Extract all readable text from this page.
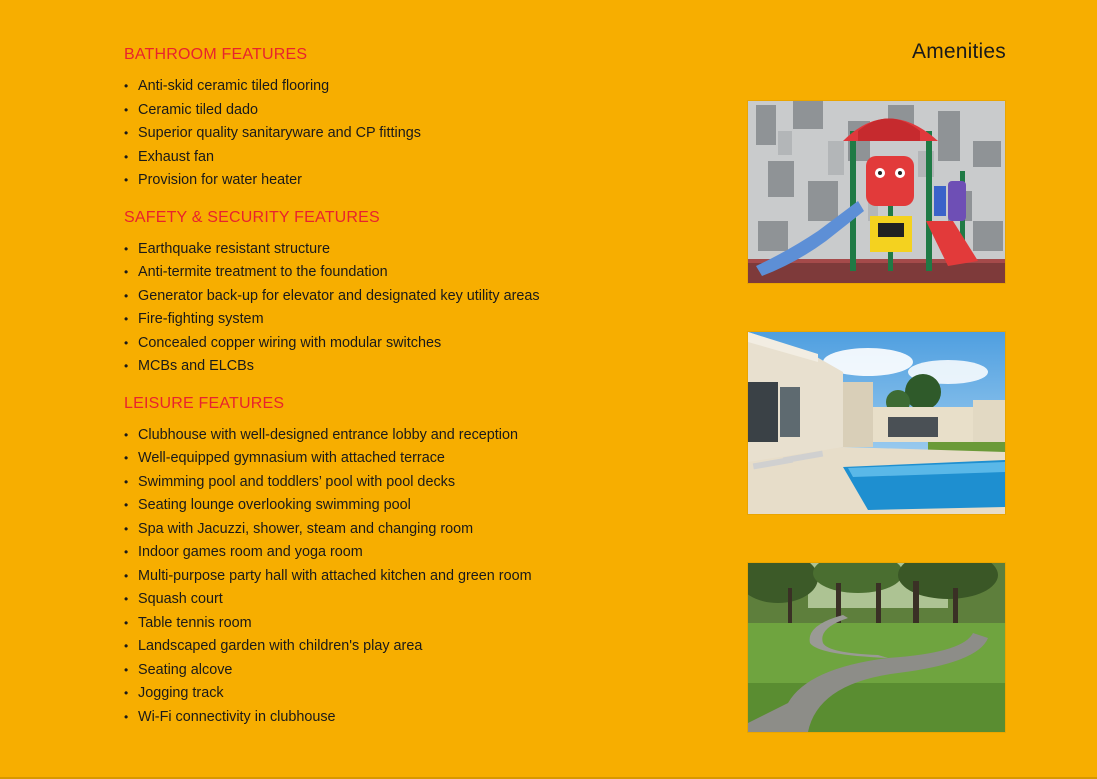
Amenities
BATHROOM FEATURES
• Anti-skid ceramic tiled flooring
• Ceramic tiled dado
• Superior quality sanitaryware and CP fittings
• Exhaust fan
• Provision for water heater
SAFETY & SECURITY FEATURES
• Earthquake resistant structure
• Anti-termite treatment to the foundation
• Generator back-up for elevator and designated key utility areas
• Fire-fighting system
• Concealed copper wiring with modular switches
• MCBs and ELCBs
LEISURE FEATURES
• Clubhouse with well-designed entrance lobby and reception
• Well-equipped gymnasium with attached terrace
• Swimming pool and toddlers’ pool with pool decks
• Seating lounge overlooking swimming pool
• Spa with Jacuzzi, shower, steam and changing room
• Indoor games room and yoga room
• Multi-purpose party hall with attached kitchen and green room
• Squash court
• Table tennis room
• Landscaped garden with children's play area
• Seating alcove
• Jogging track
• Wi-Fi connectivity in clubhouse
